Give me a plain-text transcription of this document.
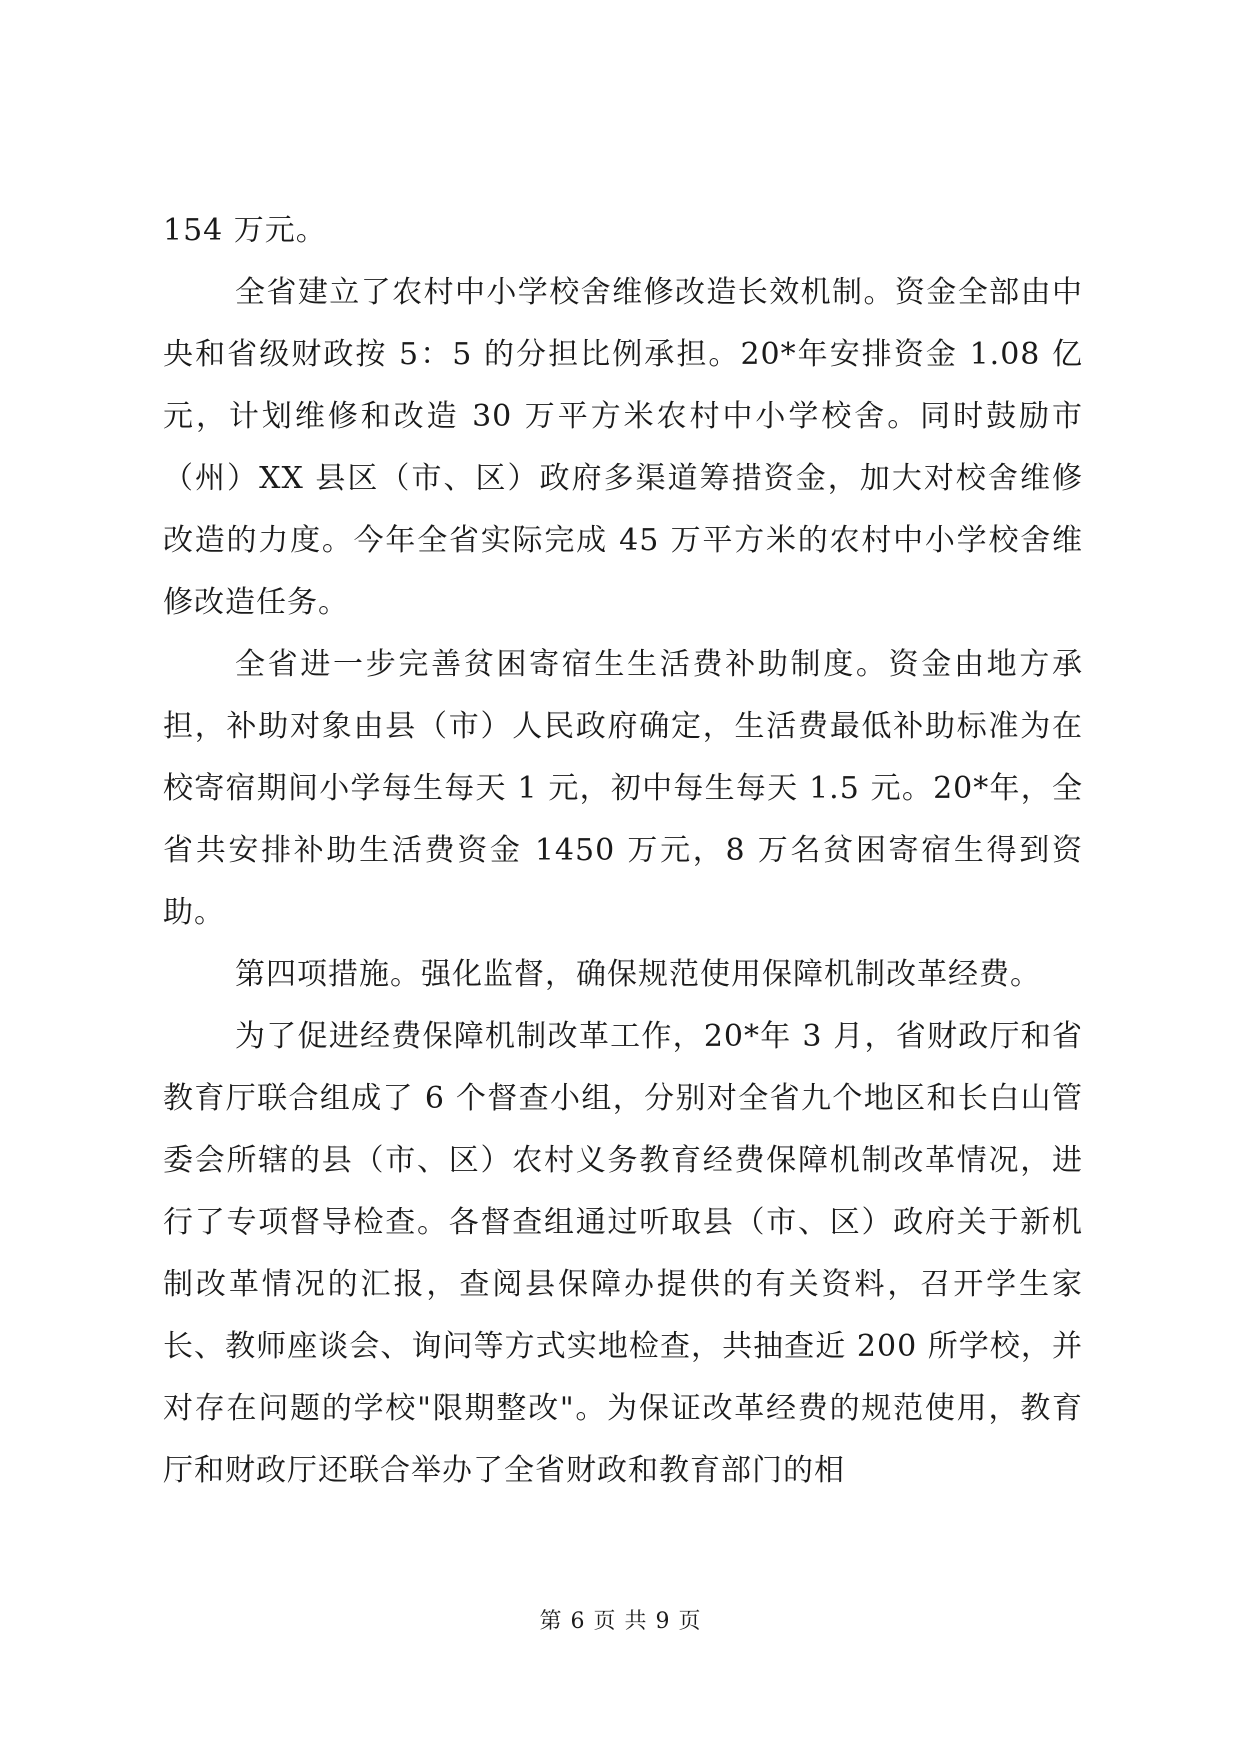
154 万元。

全省建立了农村中小学校舍维修改造长效机制。资金全部由中央和省级财政按 5：5 的分担比例承担。20*年安排资金 1.08 亿元，计划维修和改造 30 万平方米农村中小学校舍。同时鼓励市（州）XX 县区（市、区）政府多渠道筹措资金，加大对校舍维修改造的力度。今年全省实际完成 45 万平方米的农村中小学校舍维修改造任务。

全省进一步完善贫困寄宿生生活费补助制度。资金由地方承担，补助对象由县（市）人民政府确定，生活费最低补助标准为在校寄宿期间小学每生每天 1 元，初中每生每天 1.5 元。20*年，全省共安排补助生活费资金 1450 万元，8 万名贫困寄宿生得到资助。

第四项措施。强化监督，确保规范使用保障机制改革经费。

为了促进经费保障机制改革工作，20*年 3 月，省财政厅和省教育厅联合组成了 6 个督查小组，分别对全省九个地区和长白山管委会所辖的县（市、区）农村义务教育经费保障机制改革情况，进行了专项督导检查。各督查组通过听取县（市、区）政府关于新机制改革情况的汇报，查阅县保障办提供的有关资料，召开学生家长、教师座谈会、询问等方式实地检查，共抽查近 200 所学校，并对存在问题的学校"限期整改"。为保证改革经费的规范使用，教育厅和财政厅还联合举办了全省财政和教育部门的相

第 6 页 共 9 页
